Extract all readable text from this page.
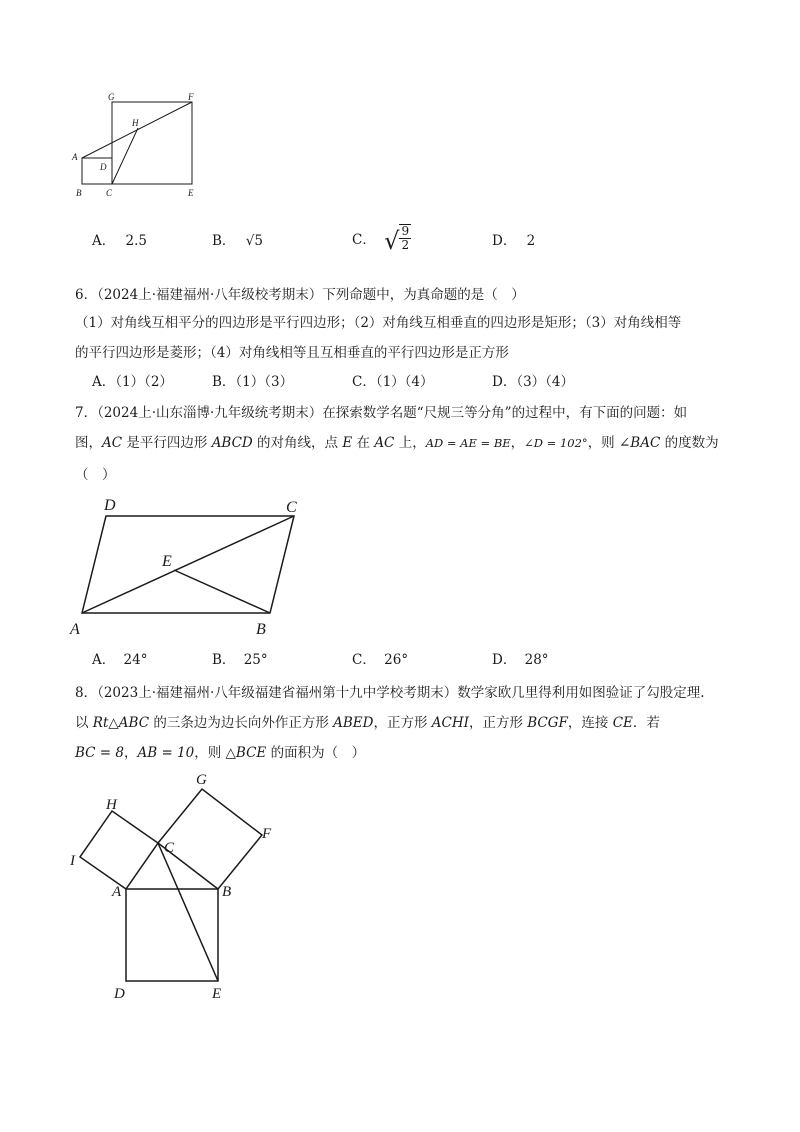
G	F
H
A
D
B	C	E
A． 2.5	B． √5	C． √ $\frac{9}{2}$	D． 2
6．（2024上·福建福州·八年级校考期末）下列命题中，为真命题的是（　）
（1）对角线互相平分的四边形是平行四边形；（2）对角线互相垂直的四边形是矩形；（3）对角线相等
的平行四边形是菱形；（4）对角线相等且互相垂直的平行四边形是正方形
A．（1）（2）	B．（1）（3）	C．（1）（4）	D．（3）（4）
7．（2024上·山东淄博·九年级统考期末）在探索数学名题“尺规三等分角”的过程中，有下面的问题：如
图，AC 是平行四边形 ABCD 的对角线，点 E 在 AC 上，AD = AE = BE，∠D = 102°，则 ∠BAC 的度数为
（　）
D	C
E
A	B
A． 24°	B． 25°	C． 26°	D． 28°
8．（2023上·福建福州·八年级福建省福州第十九中学校考期末）数学家欧几里得利用如图验证了勾股定理.
以 Rt△ABC 的三条边为边长向外作正方形 ABED，正方形 ACHI，正方形 BCGF，连接 CE．若
BC = 8，AB = 10，则 △BCE 的面积为（　）
G
H
F
I
C
A	B
D	E
